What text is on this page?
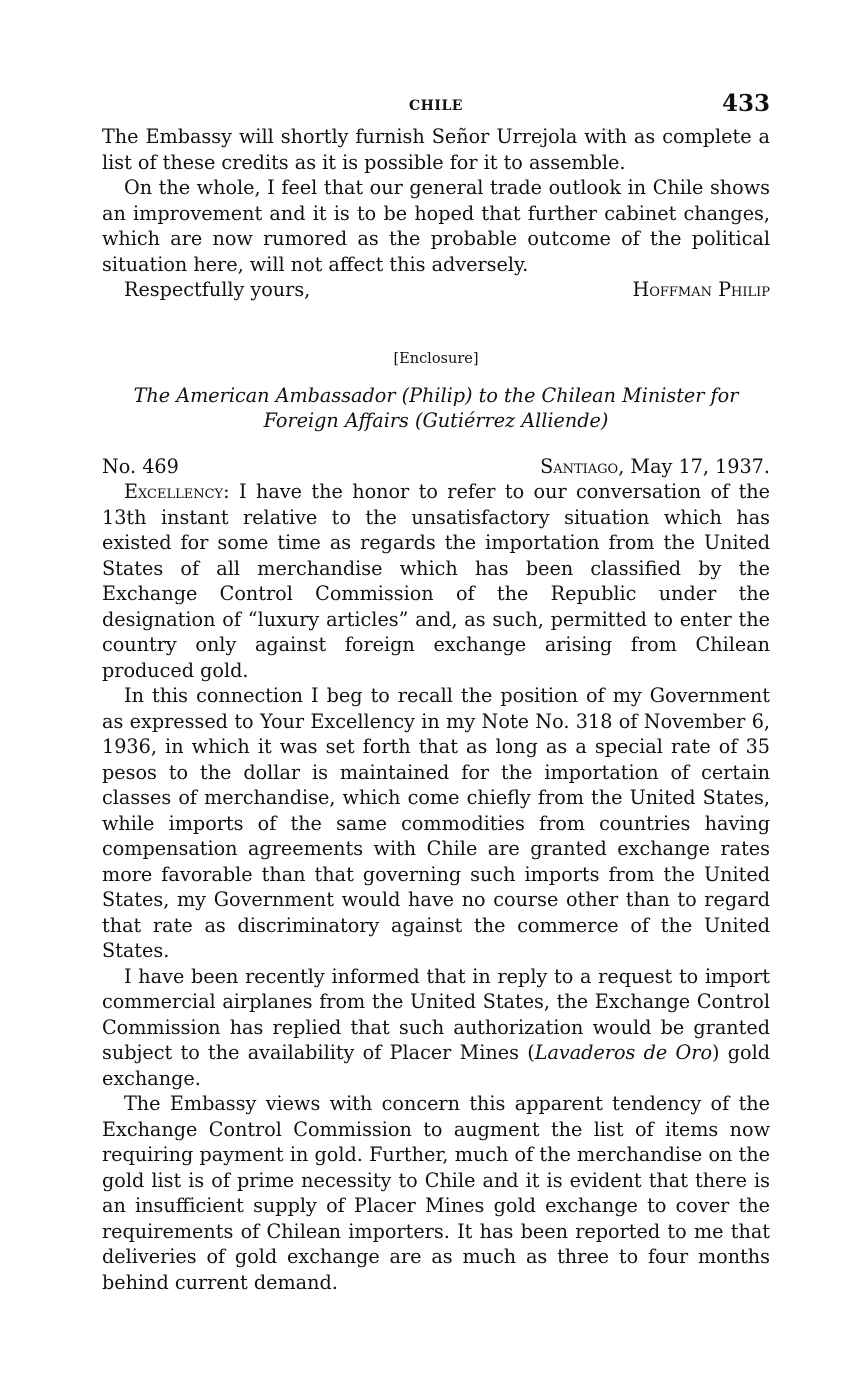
CHILE	433

The Embassy will shortly furnish Señor Urrejola with as complete a list of these credits as it is possible for it to assemble.

On the whole, I feel that our general trade outlook in Chile shows an improvement and it is to be hoped that further cabinet changes, which are now rumored as the probable outcome of the political situation here, will not affect this adversely.

Respectfully yours,	Hoffman Philip
[Enclosure]
The American Ambassador (Philip) to the Chilean Minister for
Foreign Affairs (Gutiérrez Alliende)
No. 469	Santiago, May 17, 1937.

Excellency: I have the honor to refer to our conversation of the 13th instant relative to the unsatisfactory situation which has existed for some time as regards the importation from the United States of all merchandise which has been classified by the Exchange Control Commission of the Republic under the designation of “luxury articles” and, as such, permitted to enter the country only against foreign exchange arising from Chilean produced gold.

In this connection I beg to recall the position of my Government as expressed to Your Excellency in my Note No. 318 of November 6, 1936, in which it was set forth that as long as a special rate of 35 pesos to the dollar is maintained for the importation of certain classes of merchandise, which come chiefly from the United States, while imports of the same commodities from countries having compensation agreements with Chile are granted exchange rates more favorable than that governing such imports from the United States, my Government would have no course other than to regard that rate as discriminatory against the commerce of the United States.

I have been recently informed that in reply to a request to import commercial airplanes from the United States, the Exchange Control Commission has replied that such authorization would be granted subject to the availability of Placer Mines (Lavaderos de Oro) gold exchange.

The Embassy views with concern this apparent tendency of the Exchange Control Commission to augment the list of items now requiring payment in gold. Further, much of the merchandise on the gold list is of prime necessity to Chile and it is evident that there is an insufficient supply of Placer Mines gold exchange to cover the requirements of Chilean importers. It has been reported to me that deliveries of gold exchange are as much as three to four months behind current demand.
